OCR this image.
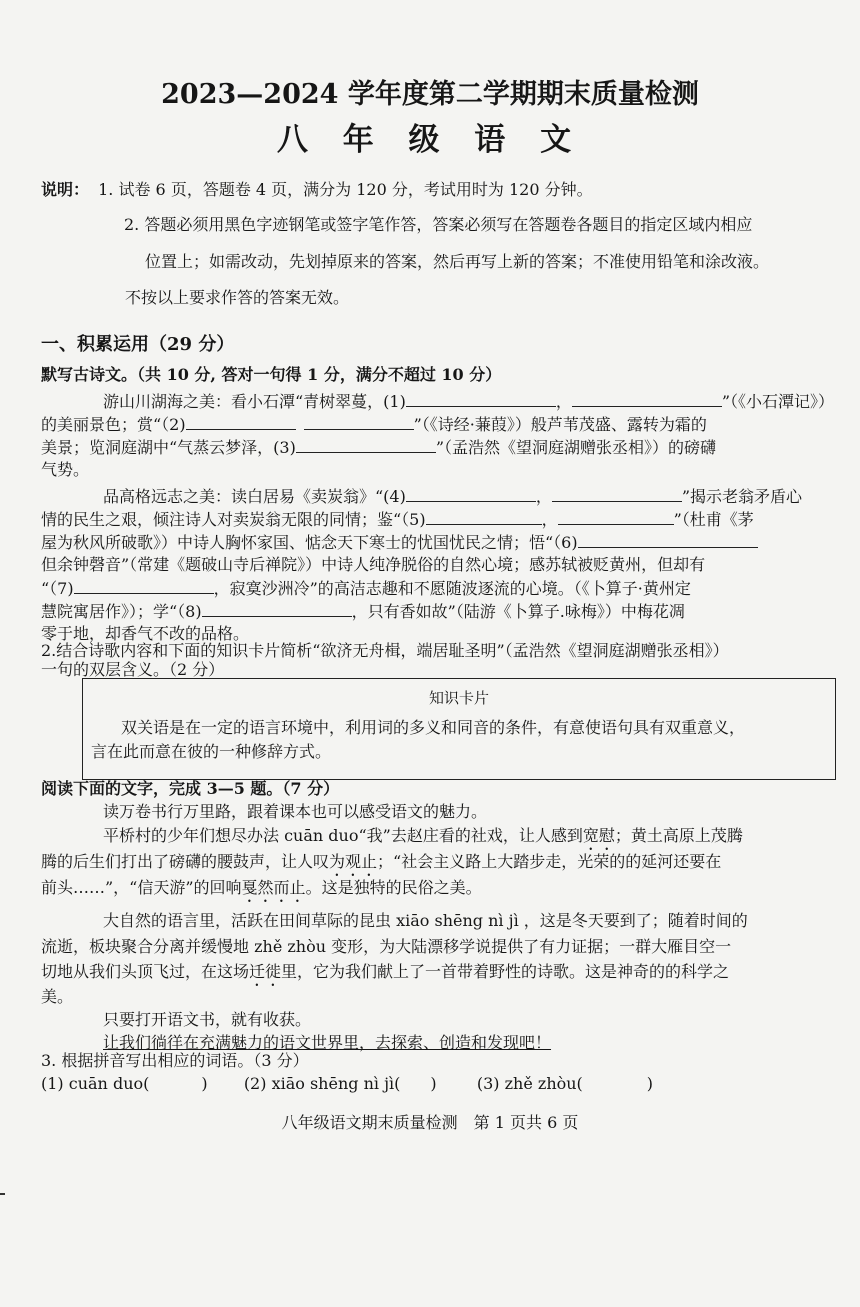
2023—2024 学年度第二学期期末质量检测
八 年 级 语 文
说明： 1. 试卷 6 页，答题卷 4 页，满分为 120 分，考试用时为 120 分钟。
2. 答题必须用黑色字迹钢笔或签字笔作答，答案必须写在答题卷各题目的指定区域内相应
位置上；如需改动，先划掉原来的答案，然后再写上新的答案；不准使用铅笔和涂改液。
不按以上要求作答的答案无效。
一、积累运用（29 分）
默写古诗文。（共 10 分, 答对一句得 1 分，满分不超过 10 分）
游山川湖海之美：看小石潭“青树翠蔓，(1)	，	”（《小石潭记》）
的美丽景色；赏“（2)	”（《诗经·蒹葭》）般芦苇茂盛、露转为霜的
美景；览洞庭湖中“气蒸云梦泽，(3)	”（孟浩然《望洞庭湖赠张丞相》）的磅礴
气势。
品高格远志之美：读白居易《卖炭翁》“(4)	，	”揭示老翁矛盾心
情的民生之艰，倾注诗人对卖炭翁无限的同情；鉴“（5)	，	”（杜甫《茅
屋为秋风所破歌》）中诗人胸怀家国、惦念天下寒士的忧国忧民之情；悟“（6)
但余钟磬音”（常建《题破山寺后禅院》）中诗人纯净脱俗的自然心境；感苏轼被贬黄州，但却有
“（7)	，寂寞沙洲冷”的高洁志趣和不愿随波逐流的心境。（《卜算子·黄州定
慧院寓居作》）；学“（8)	，只有香如故”（陆游《卜算子.咏梅》）中梅花凋
零于地，却香气不改的品格。
2.结合诗歌内容和下面的知识卡片简析“欲济无舟楫，端居耻圣明”（孟浩然《望洞庭湖赠张丞相》）
一句的双层含义。（2 分）
知识卡片
双关语是在一定的语言环境中，利用词的多义和同音的条件，有意使语句具有双重意义，
言在此而意在彼的一种修辞方式。
阅读下面的文字，完成 3—5 题。（7 分）
读万卷书行万里路，跟着课本也可以感受语文的魅力。
平桥村的少年们想尽办法 cuān duo“我”去赵庄看的社戏，让人感到宽慰；黄土高原上茂腾
腾的后生们打出了磅礴的腰鼓声，让人叹为观止；“社会主义路上大踏步走，光荣的的延河还要在
前头……”，“信天游”的回响戛然而止。这是独特的民俗之美。
大自然的语言里，活跃在田间草际的昆虫 xiāo shēng nì jì ，这是冬天要到了；随着时间的
流逝，板块聚合分离并缓慢地 zhě zhòu 变形，为大陆漂移学说提供了有力证据；一群大雁目空一
切地从我们头顶飞过，在这场迁徙里，它为我们献上了一首带着野性的诗歌。这是神奇的的科学之
美。
只要打开语文书，就有收获。
让我们徜徉在充满魅力的语文世界里，去探索、创造和发现吧！
3. 根据拼音写出相应的词语。（3 分）
(1) cuān duo(	) (2) xiāo shēng nì jì( )	(3) zhě zhòu(	)
八年级语文期末质量检测　第 1 页共 6 页
